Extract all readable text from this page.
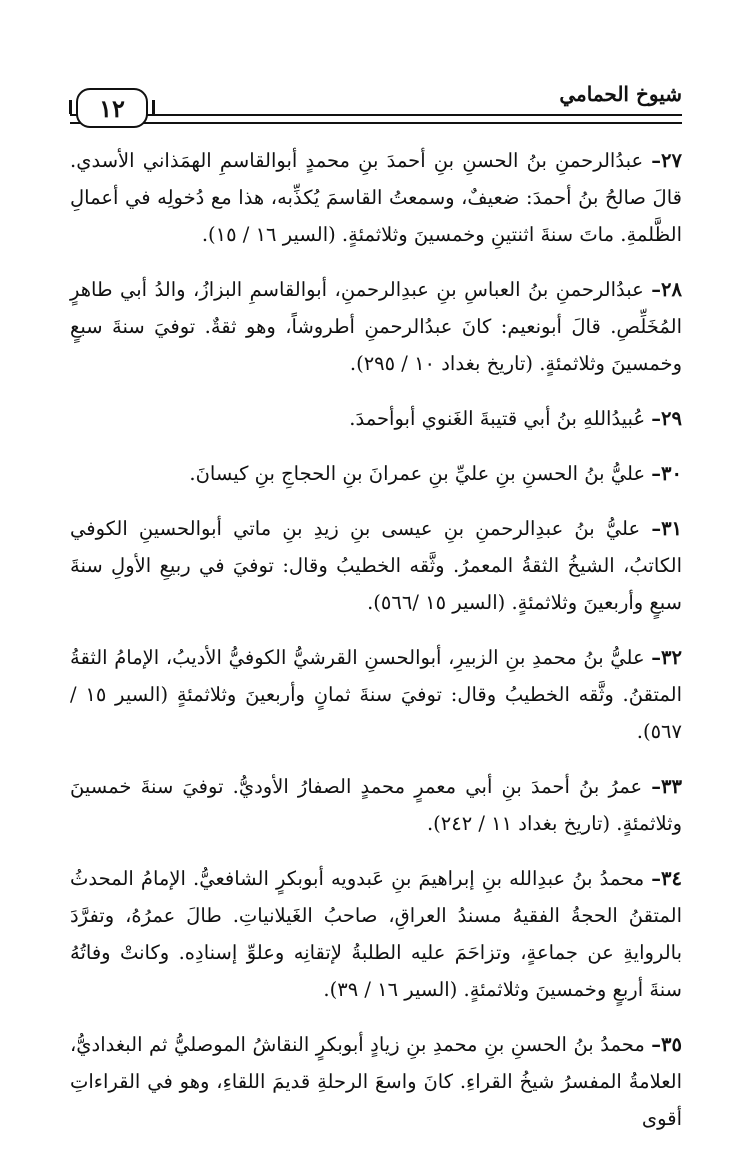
شيوخ الحمامي
١٢

٢٧– عبدُالرحمنِ بنُ الحسنِ بنِ أحمدَ بنِ محمدٍ أبوالقاسمِ الهمَذاني الأسدي. قالَ صالحُ بنُ أحمدَ: ضعيفٌ، وسمعتُ القاسمَ يُكذِّبه، هذا مع دُخولِه في أعمالِ الظَّلمةِ. ماتَ سنةَ اثنتينِ وخمسينَ وثلاثمئةٍ. (السير ١٦ / ١٥).

٢٨– عبدُالرحمنِ بنُ العباسِ بنِ عبدِالرحمنِ، أبوالقاسمِ البزازُ، والدُ أبي طاهرٍ المُخَلِّصِ. قالَ أبونعيم: كانَ عبدُالرحمنِ أطروشاً، وهو ثقةٌ. توفيَ سنةَ سبعٍ وخمسينَ وثلاثمئةٍ. (تاريخ بغداد ١٠ / ٢٩٥).

٢٩– عُبيدُاللهِ بنُ أبي قتيبةَ الغَنوي أبوأحمدَ.

٣٠– عليُّ بنُ الحسنِ بنِ عليِّ بنِ عمرانَ بنِ الحجاجِ بنِ كيسانَ.

٣١– عليُّ بنُ عبدِالرحمنِ بنِ عيسى بنِ زيدِ بنِ ماتي أبوالحسينِ الكوفي الكاتبُ، الشيخُ الثقةُ المعمرُ. وثَّقه الخطيبُ وقال: توفيَ في ربيعِ الأولِ سنةَ سبعٍ وأربعينَ وثلاثمئةٍ. (السير ١٥ /٥٦٦).

٣٢– عليُّ بنُ محمدِ بنِ الزبيرِ، أبوالحسنِ القرشيُّ الكوفيُّ الأديبُ، الإمامُ الثقةُ المتقنُ. وثَّقه الخطيبُ وقال: توفيَ سنةَ ثمانٍ وأربعينَ وثلاثمئةٍ (السير ١٥ / ٥٦٧).

٣٣– عمرُ بنُ أحمدَ بنِ أبي معمرٍ محمدٍ الصفارُ الأوديُّ. توفيَ سنةَ خمسينَ وثلاثمئةٍ. (تاريخ بغداد ١١ / ٢٤٢).

٣٤– محمدُ بنُ عبدِالله بنِ إبراهيمَ بنِ عَبدويه أبوبكرٍ الشافعيُّ. الإمامُ المحدثُ المتقنُ الحجةُ الفقيهُ مسندُ العراقِ، صاحبُ الغَيلانياتِ. طالَ عمرُهُ، وتفرَّدَ بالروايةِ عن جماعةٍ، وتزاحَمَ عليه الطلبةُ لإتقانِه وعلوِّ إسنادِه. وكانتْ وفاتُهُ سنةَ أربعٍ وخمسينَ وثلاثمئةٍ. (السير ١٦ / ٣٩).

٣٥– محمدُ بنُ الحسنِ بنِ محمدِ بنِ زيادٍ أبوبكرٍ النقاشُ الموصليُّ ثم البغداديُّ، العلامةُ المفسرُ شيخُ القراءِ. كانَ واسعَ الرحلةِ قديمَ اللقاءِ، وهو في القراءاتِ أقوى
